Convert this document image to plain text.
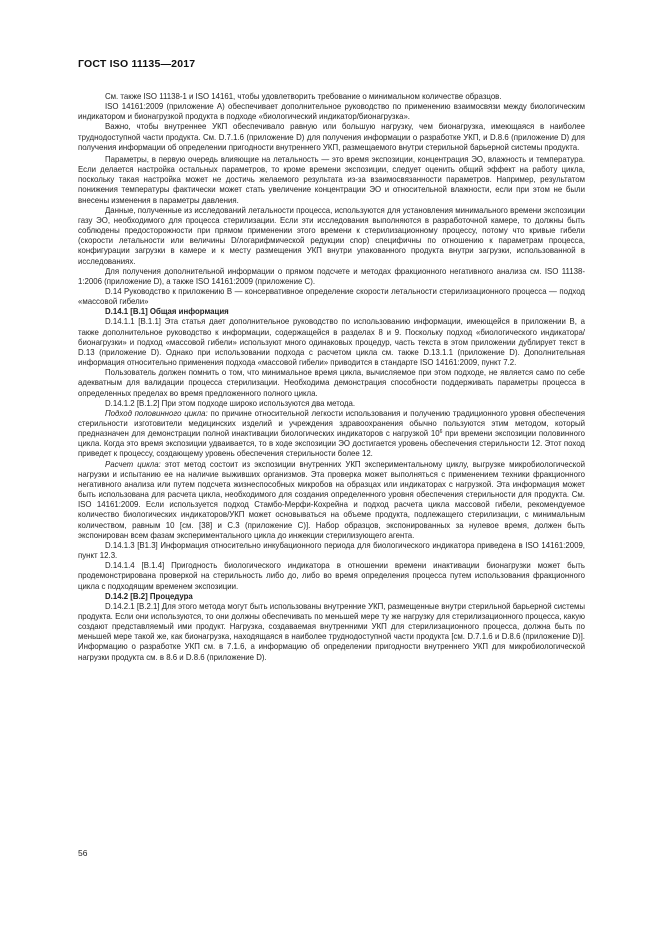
ГОСТ ISO 11135—2017

См. также ISO 11138-1 и ISO 14161, чтобы удовлетворить требование о минимальном количестве образцов.

ISO 14161:2009 (приложение А) обеспечивает дополнительное руководство по применению взаимосвязи между биологическим индикатором и бионагрузкой продукта в подходе «биологический индикатор/бионагрузка».

Важно, чтобы внутреннее УКП обеспечивало равную или большую нагрузку, чем бионагрузка, имеющаяся в наиболее труднодоступной части продукта. См. D.7.1.6 (приложение D) для получения информации о разработке УКП, и D.8.6 (приложение D) для получения информации об определении пригодности внутреннего УКП, размещаемого внутри стерильной барьерной системы продукта.

Параметры, в первую очередь влияющие на летальность — это время экспозиции, концентрация ЭО, влажность и температура. Если делается настройка остальных параметров, то кроме времени экспозиции, следует оценить общий эффект на работу цикла, поскольку такая настройка может не достичь желаемого результата из-за взаимосвязанности параметров. Например, результатом понижения температуры фактически может стать увеличение концентрации ЭО и относительной влажности, если при этом не были внесены изменения в параметры давления.

Данные, полученные из исследований летальности процесса, используются для установления минимального времени экспозиции газу ЭО, необходимого для процесса стерилизации. Если эти исследования выполняются в разработочной камере, то должны быть соблюдены предосторожности при прямом применении этого времени к стерилизационному процессу, потому что кривые гибели (скорости летальности или величины D/логарифмической редукции спор) специфичны по отношению к параметрам процесса, конфигурации загрузки в камере и к месту размещения УКП внутри упакованного продукта внутри загрузки, использованной в исследованиях.

Для получения дополнительной информации о прямом подсчете и методах фракционного негативного анализа см. ISO 11138-1:2006 (приложение D), а также ISO 14161:2009 (приложение С).

D.14 Руководство к приложению В — консервативное определение скорости летальности стерилизационного процесса — подход «массовой гибели»

D.14.1 [В.1] Общая информация

D.14.1.1 [В.1.1] Эта статья дает дополнительное руководство по использованию информации, имеющейся в приложении В, а также дополнительное руководство к информации, содержащейся в разделах 8 и 9. Поскольку подход «биологического индикатора/бионагрузки» и подход «массовой гибели» используют много одинаковых процедур, часть текста в этом приложении дублирует текст в D.13 (приложение D). Однако при использовании подхода с расчетом цикла см. также D.13.1.1 (приложение D). Дополнительная информация относительно применения подхода «массовой гибели» приводится в стандарте ISO 14161:2009, пункт 7.2.

Пользователь должен помнить о том, что минимальное время цикла, вычисляемое при этом подходе, не является само по себе адекватным для валидации процесса стерилизации. Необходима демонстрация способности поддерживать параметры процесса в определенных пределах во время предложенного полного цикла.

D.14.1.2 [В.1.2] При этом подходе широко используются два метода.

Подход половинного цикла: по причине относительной легкости использования и получению традиционного уровня обеспечения стерильности изготовители медицинских изделий и учреждения здравоохранения обычно пользуются этим методом, который предназначен для демонстрации полной инактивации биологических индикаторов с нагрузкой $10^6$ при времени экспозиции половинного цикла. Когда это время экспозиции удваивается, то в ходе экспозиции ЭО достигается уровень обеспечения стерильности 12. Этот поход приведет к процессу, создающему уровень обеспечения стерильности более 12.

Расчет цикла: этот метод состоит из экспозиции внутренних УКП экспериментальному циклу, выгрузке микробиологической нагрузки и испытанию ее на наличие выживших организмов. Эта проверка может выполняться с применением техники фракционного негативного анализа или путем подсчета жизнеспособных микробов на образцах или индикаторах с нагрузкой. Эта информация может быть использована для расчета цикла, необходимого для создания определенного уровня обеспечения стерильности для продукта. См. ISO 14161:2009. Если используется подход Стамбо-Мерфи-Кохрейна и подход расчета цикла массовой гибели, рекомендуемое количество биологических индикаторов/УКП может основываться на объеме продукта, подлежащего стерилизации, с минимальным количеством, равным 10 [см. [38] и С.3 (приложение С)]. Набор образцов, экспонированных за нулевое время, должен быть экспонирован всем фазам экспериментального цикла до инжекции стерилизующего агента.

D.14.1.3 [В1.3] Информация относительно инкубационного периода для биологического индикатора приведена в ISO 14161:2009, пункт 12.3.

D.14.1.4 [В.1.4] Пригодность биологического индикатора в отношении времени инактивации бионагрузки может быть продемонстрирована проверкой на стерильность либо до, либо во время определения процесса путем использования фракционного цикла с подходящим временем экспозиции.

D.14.2 [В.2] Процедура

D.14.2.1 [В.2.1] Для этого метода могут быть использованы внутренние УКП, размещенные внутри стерильной барьерной системы продукта. Если они используются, то они должны обеспечивать по меньшей мере ту же нагрузку для стерилизационного процесса, какую создают представляемый ими продукт. Нагрузка, создаваемая внутренними УКП для стерилизационного процесса, должна быть по меньшей мере такой же, как бионагрузка, находящаяся в наиболее труднодоступной части продукта [см. D.7.1.6 и D.8.6 (приложение D)]. Информацию о разработке УКП см. в 7.1.6, а информацию об определении пригодности внутреннего УКП для микробиологической нагрузки продукта см. в 8.6 и D.8.6 (приложение D).

56
